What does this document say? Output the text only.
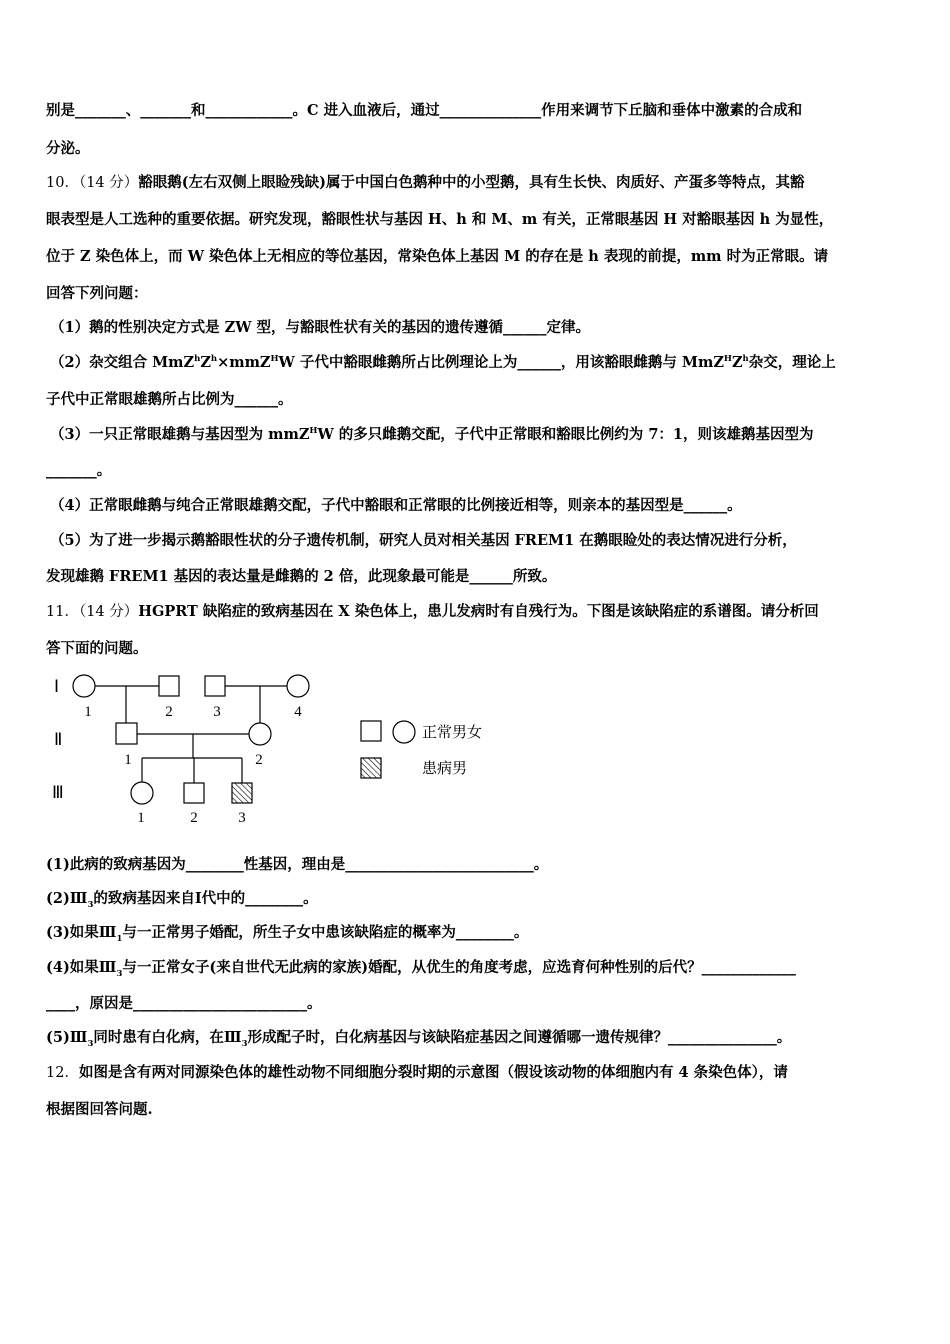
别是_______、_______和____________。C 进入血液后，通过______________作用来调节下丘脑和垂体中激素的合成和
分泌。
10．（14 分）豁眼鹅(左右双侧上眼睑残缺)属于中国白色鹅种中的小型鹅，具有生长快、肉质好、产蛋多等特点，其豁
眼表型是人工选种的重要依据。研究发现，豁眼性状与基因 H、h 和 M、m 有关，正常眼基因 H 对豁眼基因 h 为显性，
位于 Z 染色体上，而 W 染色体上无相应的等位基因，常染色体上基因 M 的存在是 h 表现的前提，mm 时为正常眼。请
回答下列问题：
（1）鹅的性别决定方式是 ZW 型，与豁眼性状有关的基因的遗传遵循______定律。
（2）杂交组合 $MmZ^hZ^h\times mmZ^HW$ 子代中豁眼雌鹅所占比例理论上为______，用该豁眼雌鹅与 $MmZ^HZ^h$杂交，理论上
子代中正常眼雄鹅所占比例为______。
（3）一只正常眼雄鹅与基因型为 mmZ$^H$W 的多只雌鹅交配，子代中正常眼和豁眼比例约为 7：1，则该雄鹅基因型为
_______。
（4）正常眼雌鹅与纯合正常眼雄鹅交配，子代中豁眼和正常眼的比例接近相等，则亲本的基因型是______。
（5）为了进一步揭示鹅豁眼性状的分子遗传机制，研究人员对相关基因 FREM1 在鹅眼睑处的表达情况进行分析，
发现雄鹅 FREM1 基因的表达量是雌鹅的 2 倍，此现象最可能是______所致。
11．（14 分）HGPRT 缺陷症的致病基因在 X 染色体上，患儿发病时有自残行为。下图是该缺陷症的系谱图。请分析回
答下面的问题。
Ⅰ
Ⅱ
Ⅲ
1	2	3	4
1	2
1	2	3
正常男女
患病男
(1)此病的致病基因为________性基因，理由是__________________________。
$(2)Ⅲ_3$的致病基因来自Ⅰ代中的________。
(3)如果$Ⅲ_1$与一正常男子婚配，所生子女中患该缺陷症的概率为________。
(4)如果$Ⅲ_3$与一正常女子(来自世代无此病的家族)婚配，从优生的角度考虑，应选育何种性别的后代？_____________
____，原因是________________________。
$(5)Ⅲ_3$同时患有白化病，在$Ⅲ_3$形成配子时，白化病基因与该缺陷症基因之间遵循哪一遗传规律？_______________。
12．如图是含有两对同源染色体的雄性动物不同细胞分裂时期的示意图（假设该动物的体细胞内有 4 条染色体），请
根据图回答问题.
